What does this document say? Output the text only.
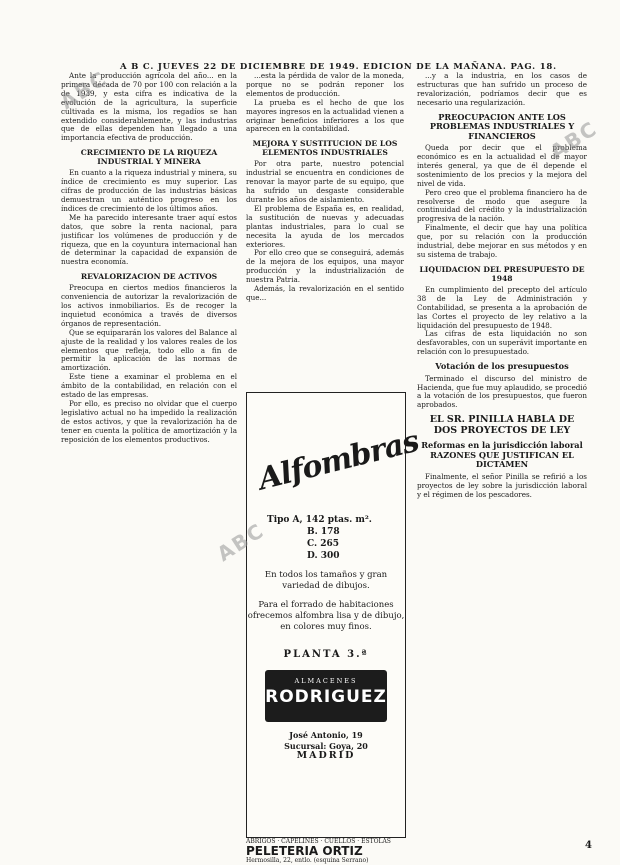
A B C. JUEVES 22 DE DICIEMBRE DE 1949. EDICION DE LA MAÑANA. PAG. 18.

Ante la producción agrícola del año... en la primera década de 70 por 100 con relación a la de 1939, y esta cifra es indicativa de la evolución de la agricultura, la superficie cultivada es la misma, los regadíos se han extendido considerablemente, y las industrias que de ellas dependen han llegado a una importancia efectiva de producción.

CRECIMIENTO DE LA RIQUEZA INDUSTRIAL Y MINERA

En cuanto a la riqueza industrial y minera, su índice de crecimiento es muy superior. Las cifras de producción de las industrias básicas demuestran un auténtico progreso en los índices de crecimiento de los últimos años.

Me ha parecido interesante traer aquí estos datos, que sobre la renta nacional, para justificar los volúmenes de producción y de riqueza, que en la coyuntura internacional han de determinar la capacidad de expansión de nuestra economía.

REVALORIZACION DE ACTIVOS

Preocupa en ciertos medios financieros la conveniencia de autorizar la revalorización de los activos inmobiliarios. Es de recoger la inquietud económica a través de diversos órganos de representación.

Que se equipararán los valores del Balance al ajuste de la realidad y los valores reales de los elementos que refleja, todo ello a fin de permitir la aplicación de las normas de amortización.

Este tiene a examinar el problema en el ámbito de la contabilidad, en relación con el estado de las empresas.

Por ello, es preciso no olvidar que el cuerpo legislativo actual no ha impedido la realización de estos activos, y que la revalorización ha de tener en cuenta la política de amortización y la reposición de los elementos productivos.

...esta la pérdida de valor de la moneda, porque no se podrán reponer los elementos de producción.

La prueba es el hecho de que los mayores ingresos en la actualidad vienen a originar beneficios inferiores a los que aparecen en la contabilidad.

MEJORA Y SUSTITUCION DE LOS ELEMENTOS INDUSTRIALES

Por otra parte, nuestro potencial industrial se encuentra en condiciones de renovar la mayor parte de su equipo, que ha sufrido un desgaste considerable durante los años de aislamiento.

El problema de España es, en realidad, la sustitución de nuevas y adecuadas plantas industriales, para lo cual se necesita la ayuda de los mercados exteriores.

Por ello creo que se conseguirá, además de la mejora de los equipos, una mayor producción y la industrialización de nuestra Patria.

Además, la revalorización en el sentido que...

Alfombras
Tipo A, 142 ptas. m².
B. 178
C. 265
D. 300
En todos los tamaños y gran variedad de dibujos.
Para el forrado de habitaciones ofrecemos alfombra lisa y de dibujo, en colores muy finos.
PLANTA 3.ª
ALMACENES
RODRIGUEZ
José Antonio, 19
Sucursal: Goya, 20
MADRID
ABRIGOS · CAPELINES · CUELLOS · ESTOLAS
PELETERIA ORTIZ
Hermosilla, 22, entlo. (esquina Serrano)

...y a la industria, en los casos de estructuras que han sufrido un proceso de revalorización, podríamos decir que es necesario una regularización.

PREOCUPACION ANTE LOS PROBLEMAS INDUSTRIALES Y FINANCIEROS

Queda por decir que el problema económico es en la actualidad el de mayor interés general, ya que de él depende el sostenimiento de los precios y la mejora del nivel de vida.

Pero creo que el problema financiero ha de resolverse de modo que asegure la continuidad del crédito y la industrialización progresiva de la nación.

Finalmente, el decir que hay una política que, por su relación con la producción industrial, debe mejorar en sus métodos y en su sistema de trabajo.

LIQUIDACION DEL PRESUPUESTO DE 1948

En cumplimiento del precepto del artículo 38 de la Ley de Administración y Contabilidad, se presenta a la aprobación de las Cortes el proyecto de ley relativo a la liquidación del presupuesto de 1948.

Las cifras de esta liquidación no son desfavorables, con un superávit importante en relación con lo presupuestado.

Votación de los presupuestos

Terminado el discurso del ministro de Hacienda, que fue muy aplaudido, se procedió a la votación de los presupuestos, que fueron aprobados.

EL SR. PINILLA HABLA DE DOS PROYECTOS DE LEY
Reformas en la jurisdicción laboral RAZONES QUE JUSTIFICAN EL DICTAMEN

Finalmente, el señor Pinilla se refirió a los proyectos de ley sobre la jurisdicción laboral y el régimen de los pescadores.

ABC
ABC
ABC
4
